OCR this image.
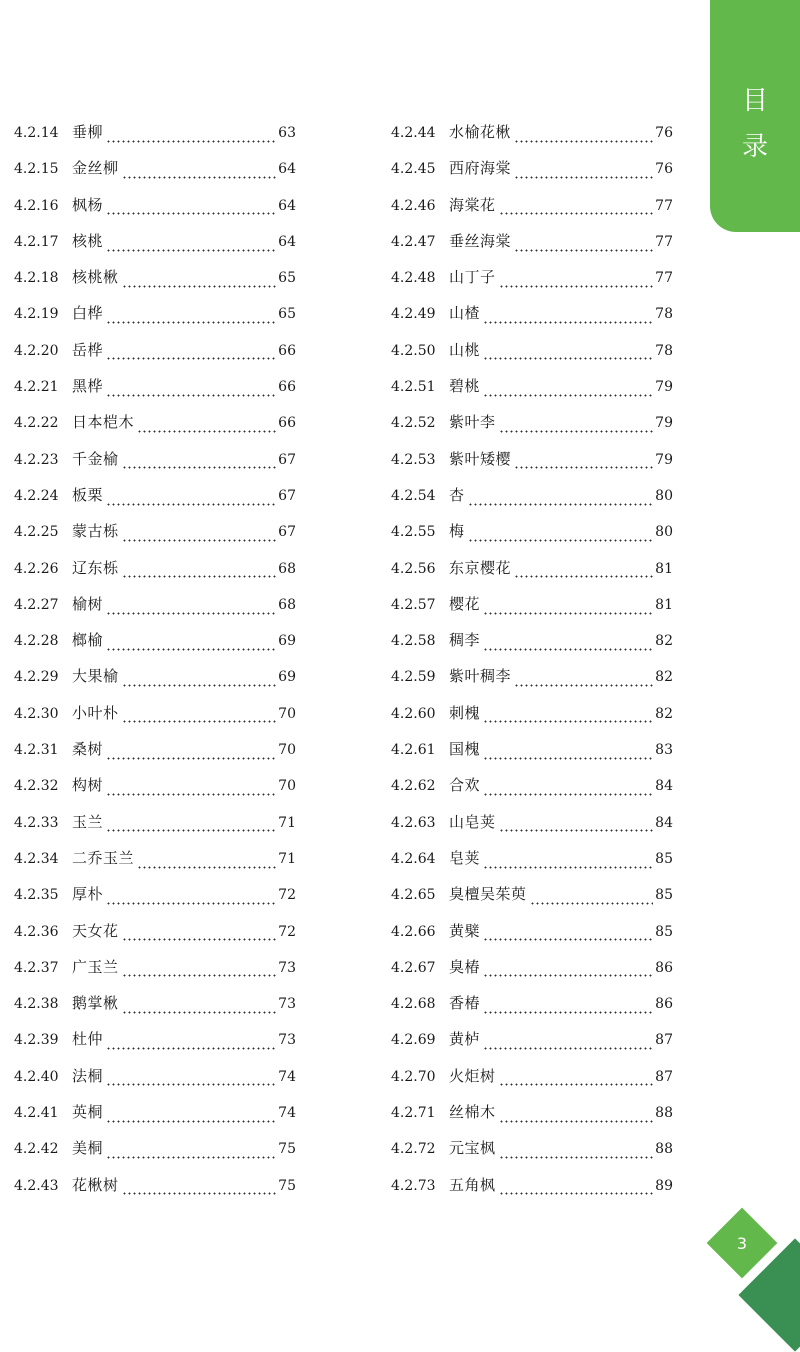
目
录
4.2.14 垂柳	63
4.2.15 金丝柳	64
4.2.16 枫杨	64
4.2.17 核桃	64
4.2.18 核桃楸	65
4.2.19 白桦	65
4.2.20 岳桦	66
4.2.21 黑桦	66
4.2.22 日本桤木	66
4.2.23 千金榆	67
4.2.24 板栗	67
4.2.25 蒙古栎	67
4.2.26 辽东栎	68
4.2.27 榆树	68
4.2.28 榔榆	69
4.2.29 大果榆	69
4.2.30 小叶朴	70
4.2.31 桑树	70
4.2.32 构树	70
4.2.33 玉兰	71
4.2.34 二乔玉兰	71
4.2.35 厚朴	72
4.2.36 天女花	72
4.2.37 广玉兰	73
4.2.38 鹅掌楸	73
4.2.39 杜仲	73
4.2.40 法桐	74
4.2.41 英桐	74
4.2.42 美桐	75
4.2.43 花楸树	75
4.2.44 水榆花楸	76
4.2.45 西府海棠	76
4.2.46 海棠花	77
4.2.47 垂丝海棠	77
4.2.48 山丁子	77
4.2.49 山楂	78
4.2.50 山桃	78
4.2.51 碧桃	79
4.2.52 紫叶李	79
4.2.53 紫叶矮樱	79
4.2.54 杏	80
4.2.55 梅	80
4.2.56 东京樱花	81
4.2.57 樱花	81
4.2.58 稠李	82
4.2.59 紫叶稠李	82
4.2.60 刺槐	82
4.2.61 国槐	83
4.2.62 合欢	84
4.2.63 山皂荚	84
4.2.64 皂荚	85
4.2.65 臭檀吴茱萸	85
4.2.66 黄檗	85
4.2.67 臭椿	86
4.2.68 香椿	86
4.2.69 黄栌	87
4.2.70 火炬树	87
4.2.71 丝棉木	88
4.2.72 元宝枫	88
4.2.73 五角枫	89
3
